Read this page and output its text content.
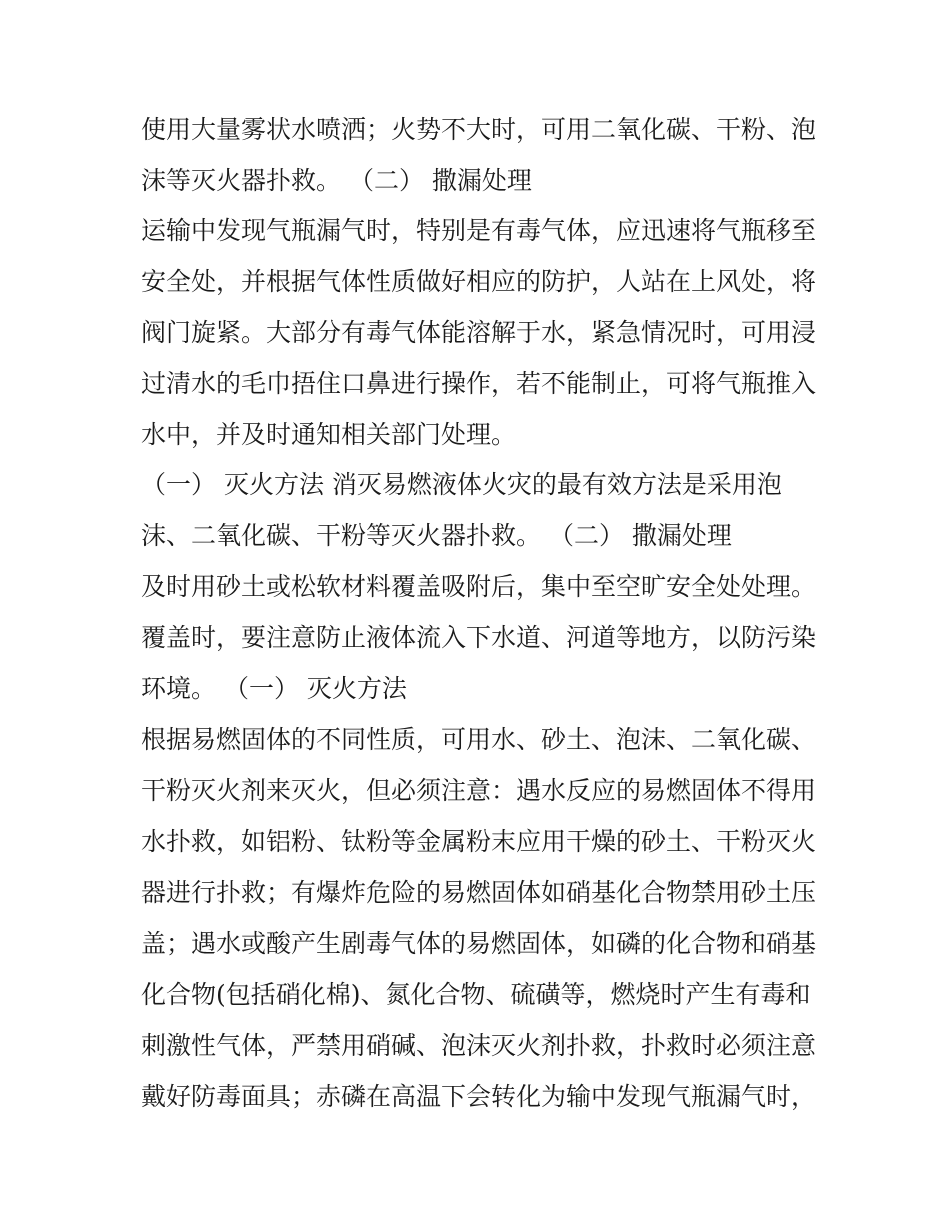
使用大量雾状水喷洒；火势不大时，可用二氧化碳、干粉、泡
沫等灭火器扑救。 （二） 撒漏处理
运输中发现气瓶漏气时，特别是有毒气体，应迅速将气瓶移至
安全处，并根据气体性质做好相应的防护，人站在上风处，将
阀门旋紧。大部分有毒气体能溶解于水，紧急情况时，可用浸
过清水的毛巾捂住口鼻进行操作，若不能制止，可将气瓶推入
水中，并及时通知相关部门处理。
（一） 灭火方法 消灭易燃液体火灾的最有效方法是采用泡
沫、二氧化碳、干粉等灭火器扑救。 （二） 撒漏处理
及时用砂土或松软材料覆盖吸附后，集中至空旷安全处处理。
覆盖时，要注意防止液体流入下水道、河道等地方，以防污染
环境。 （一） 灭火方法
根据易燃固体的不同性质，可用水、砂土、泡沫、二氧化碳、
干粉灭火剂来灭火，但必须注意：遇水反应的易燃固体不得用
水扑救，如铝粉、钛粉等金属粉末应用干燥的砂土、干粉灭火
器进行扑救；有爆炸危险的易燃固体如硝基化合物禁用砂土压
盖；遇水或酸产生剧毒气体的易燃固体，如磷的化合物和硝基
化合物(包括硝化棉)、氮化合物、硫磺等，燃烧时产生有毒和
刺激性气体，严禁用硝碱、泡沫灭火剂扑救，扑救时必须注意
戴好防毒面具；赤磷在高温下会转化为输中发现气瓶漏气时，
